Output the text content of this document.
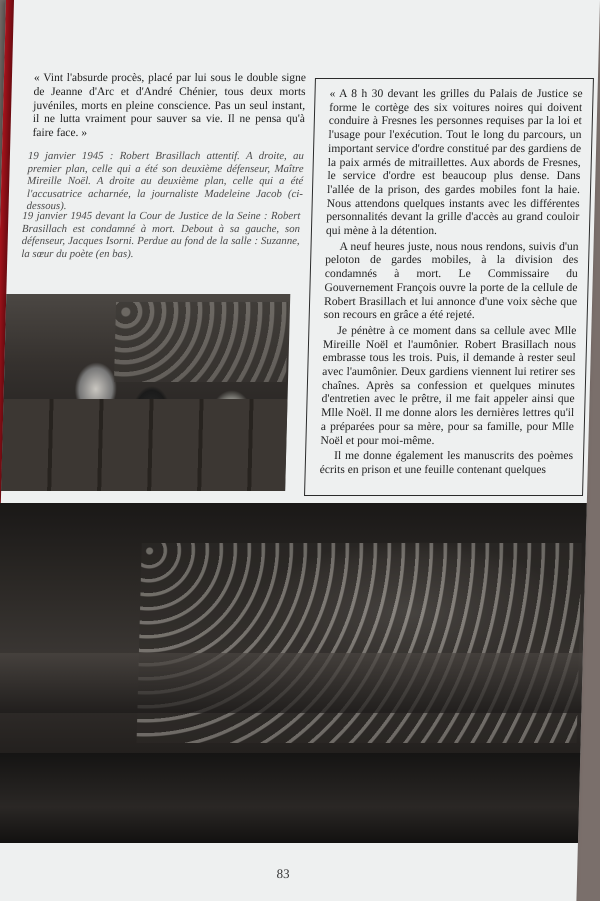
« Vint l'absurde procès, placé par lui sous le double signe de Jeanne d'Arc et d'André Chénier, tous deux morts juvéniles, morts en pleine conscience. Pas un seul instant, il ne lutta vraiment pour sauver sa vie. Il ne pensa qu'à faire face. »
19 janvier 1945 : Robert Brasillach attentif. A droite, au premier plan, celle qui a été son deuxième défenseur, Maître Mireille Noël. A droite au deuxième plan, celle qui a été l'accusatrice acharnée, la journaliste Madeleine Jacob (ci-dessous).
19 janvier 1945 devant la Cour de Justice de la Seine : Robert Brasillach est condamné à mort. Debout à sa gauche, son défenseur, Jacques Isorni. Perdue au fond de la salle : Suzanne, la sœur du poète (en bas).

« A 8 h 30 devant les grilles du Palais de Justice se forme le cortège des six voitures noires qui doivent conduire à Fresnes les personnes requises par la loi et l'usage pour l'exécution. Tout le long du parcours, un important service d'ordre constitué par des gardiens de la paix armés de mitraillettes. Aux abords de Fresnes, le service d'ordre est beaucoup plus dense. Dans l'allée de la prison, des gardes mobiles font la haie. Nous attendons quelques instants avec les différentes personnalités devant la grille d'accès au grand couloir qui mène à la détention.

A neuf heures juste, nous nous rendons, suivis d'un peloton de gardes mobiles, à la division des condamnés à mort. Le Commissaire du Gouvernement François ouvre la porte de la cellule de Robert Brasillach et lui annonce d'une voix sèche que son recours en grâce a été rejeté.

Je pénètre à ce moment dans sa cellule avec Mlle Mireille Noël et l'aumônier. Robert Brasillach nous embrasse tous les trois. Puis, il demande à rester seul avec l'aumônier. Deux gardiens viennent lui retirer ses chaînes. Après sa confession et quelques minutes d'entretien avec le prêtre, il me fait appeler ainsi que Mlle Noël. Il me donne alors les dernières lettres qu'il a préparées pour sa mère, pour sa famille, pour Mlle Noël et pour moi-même.

Il me donne également les manuscrits des poèmes écrits en prison et une feuille contenant quelques

83
